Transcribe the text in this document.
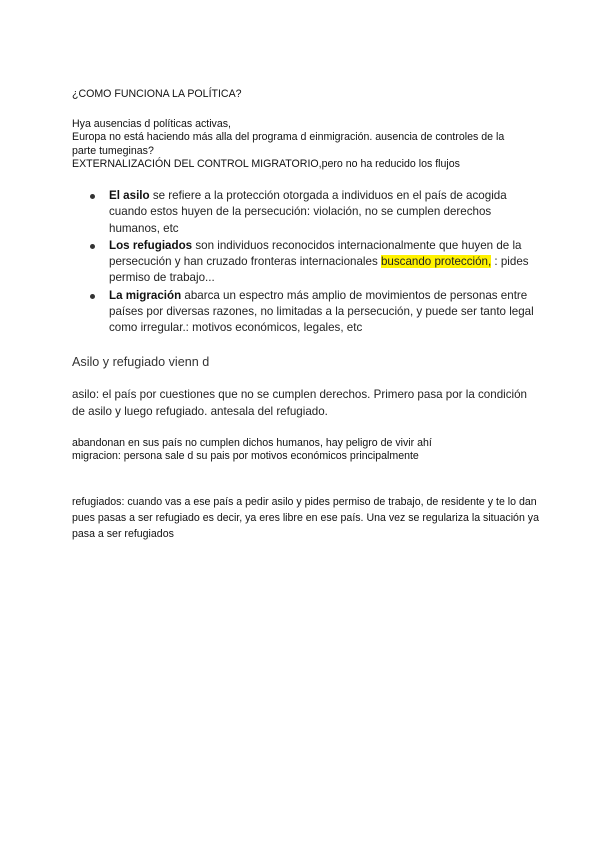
¿COMO FUNCIONA LA POLÍTICA?
Hya ausencias d políticas activas,
Europa no está haciendo más alla del programa d einmigración. ausencia de controles de la
parte tumeginas?
EXTERNALIZACIÓN DEL CONTROL MIGRATORIO,pero no ha reducido los flujos
El asilo se refiere a la protección otorgada a individuos en el país de acogida cuando estos huyen de la persecución: violación, no se cumplen derechos humanos, etc
Los refugiados son individuos reconocidos internacionalmente que huyen de la persecución y han cruzado fronteras internacionales buscando protección, : pides permiso de trabajo...
La migración abarca un espectro más amplio de movimientos de personas entre países por diversas razones, no limitadas a la persecución, y puede ser tanto legal como irregular.: motivos económicos, legales, etc
Asilo y refugiado vienn d
asilo: el país por cuestiones que no se cumplen derechos. Primero pasa por la condición de asilo y luego refugiado. antesala del refugiado.
abandonan en sus país no cumplen dichos humanos, hay peligro de vivir ahí
migracion: persona sale d su pais por motivos económicos principalmente
refugiados: cuando vas a ese país a pedir asilo y pides permiso de trabajo, de residente y te lo dan pues pasas a ser refugiado es decir, ya eres libre en ese país. Una vez se regulariza la situación ya pasa a ser refugiados
